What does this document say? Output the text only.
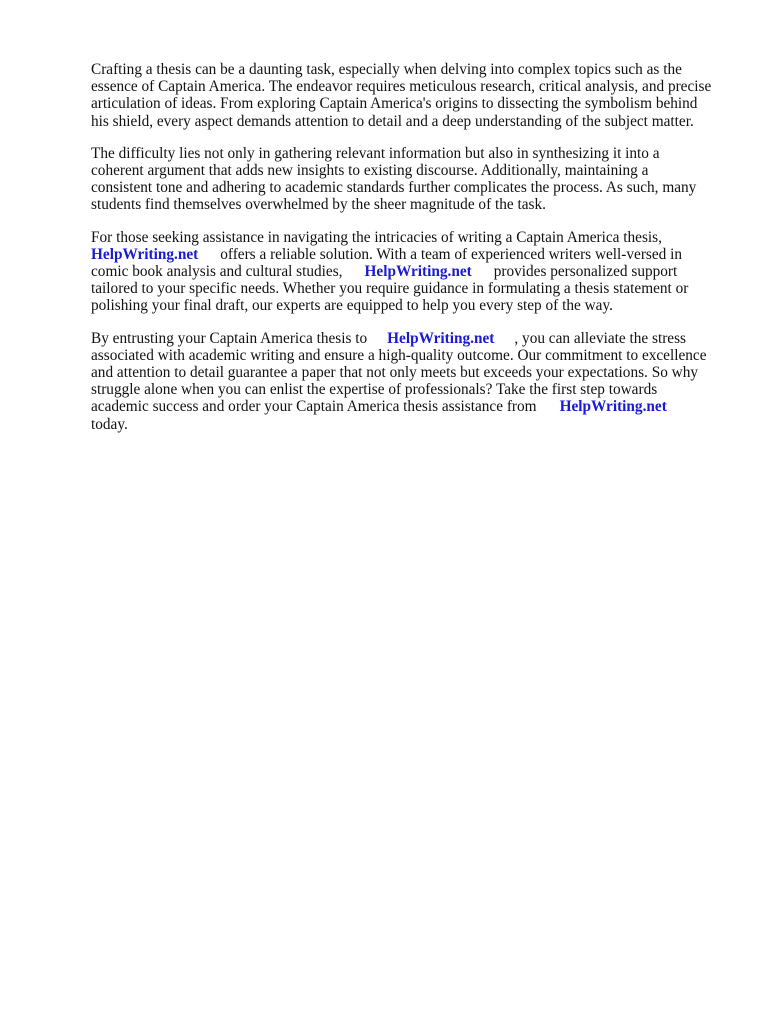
Crafting a thesis can be a daunting task, especially when delving into complex topics such as the
essence of Captain America. The endeavor requires meticulous research, critical analysis, and precise
articulation of ideas. From exploring Captain America's origins to dissecting the symbolism behind
his shield, every aspect demands attention to detail and a deep understanding of the subject matter.

The difficulty lies not only in gathering relevant information but also in synthesizing it into a
coherent argument that adds new insights to existing discourse. Additionally, maintaining a
consistent tone and adhering to academic standards further complicates the process. As such, many
students find themselves overwhelmed by the sheer magnitude of the task.

For those seeking assistance in navigating the intricacies of writing a Captain America thesis,
HelpWriting.net offers a reliable solution. With a team of experienced writers well-versed in
comic book analysis and cultural studies, HelpWriting.net provides personalized support
tailored to your specific needs. Whether you require guidance in formulating a thesis statement or
polishing your final draft, our experts are equipped to help you every step of the way.

By entrusting your Captain America thesis to HelpWriting.net , you can alleviate the stress
associated with academic writing and ensure a high-quality outcome. Our commitment to excellence
and attention to detail guarantee a paper that not only meets but exceeds your expectations. So why
struggle alone when you can enlist the expertise of professionals? Take the first step towards
academic success and order your Captain America thesis assistance from HelpWriting.net
today.
